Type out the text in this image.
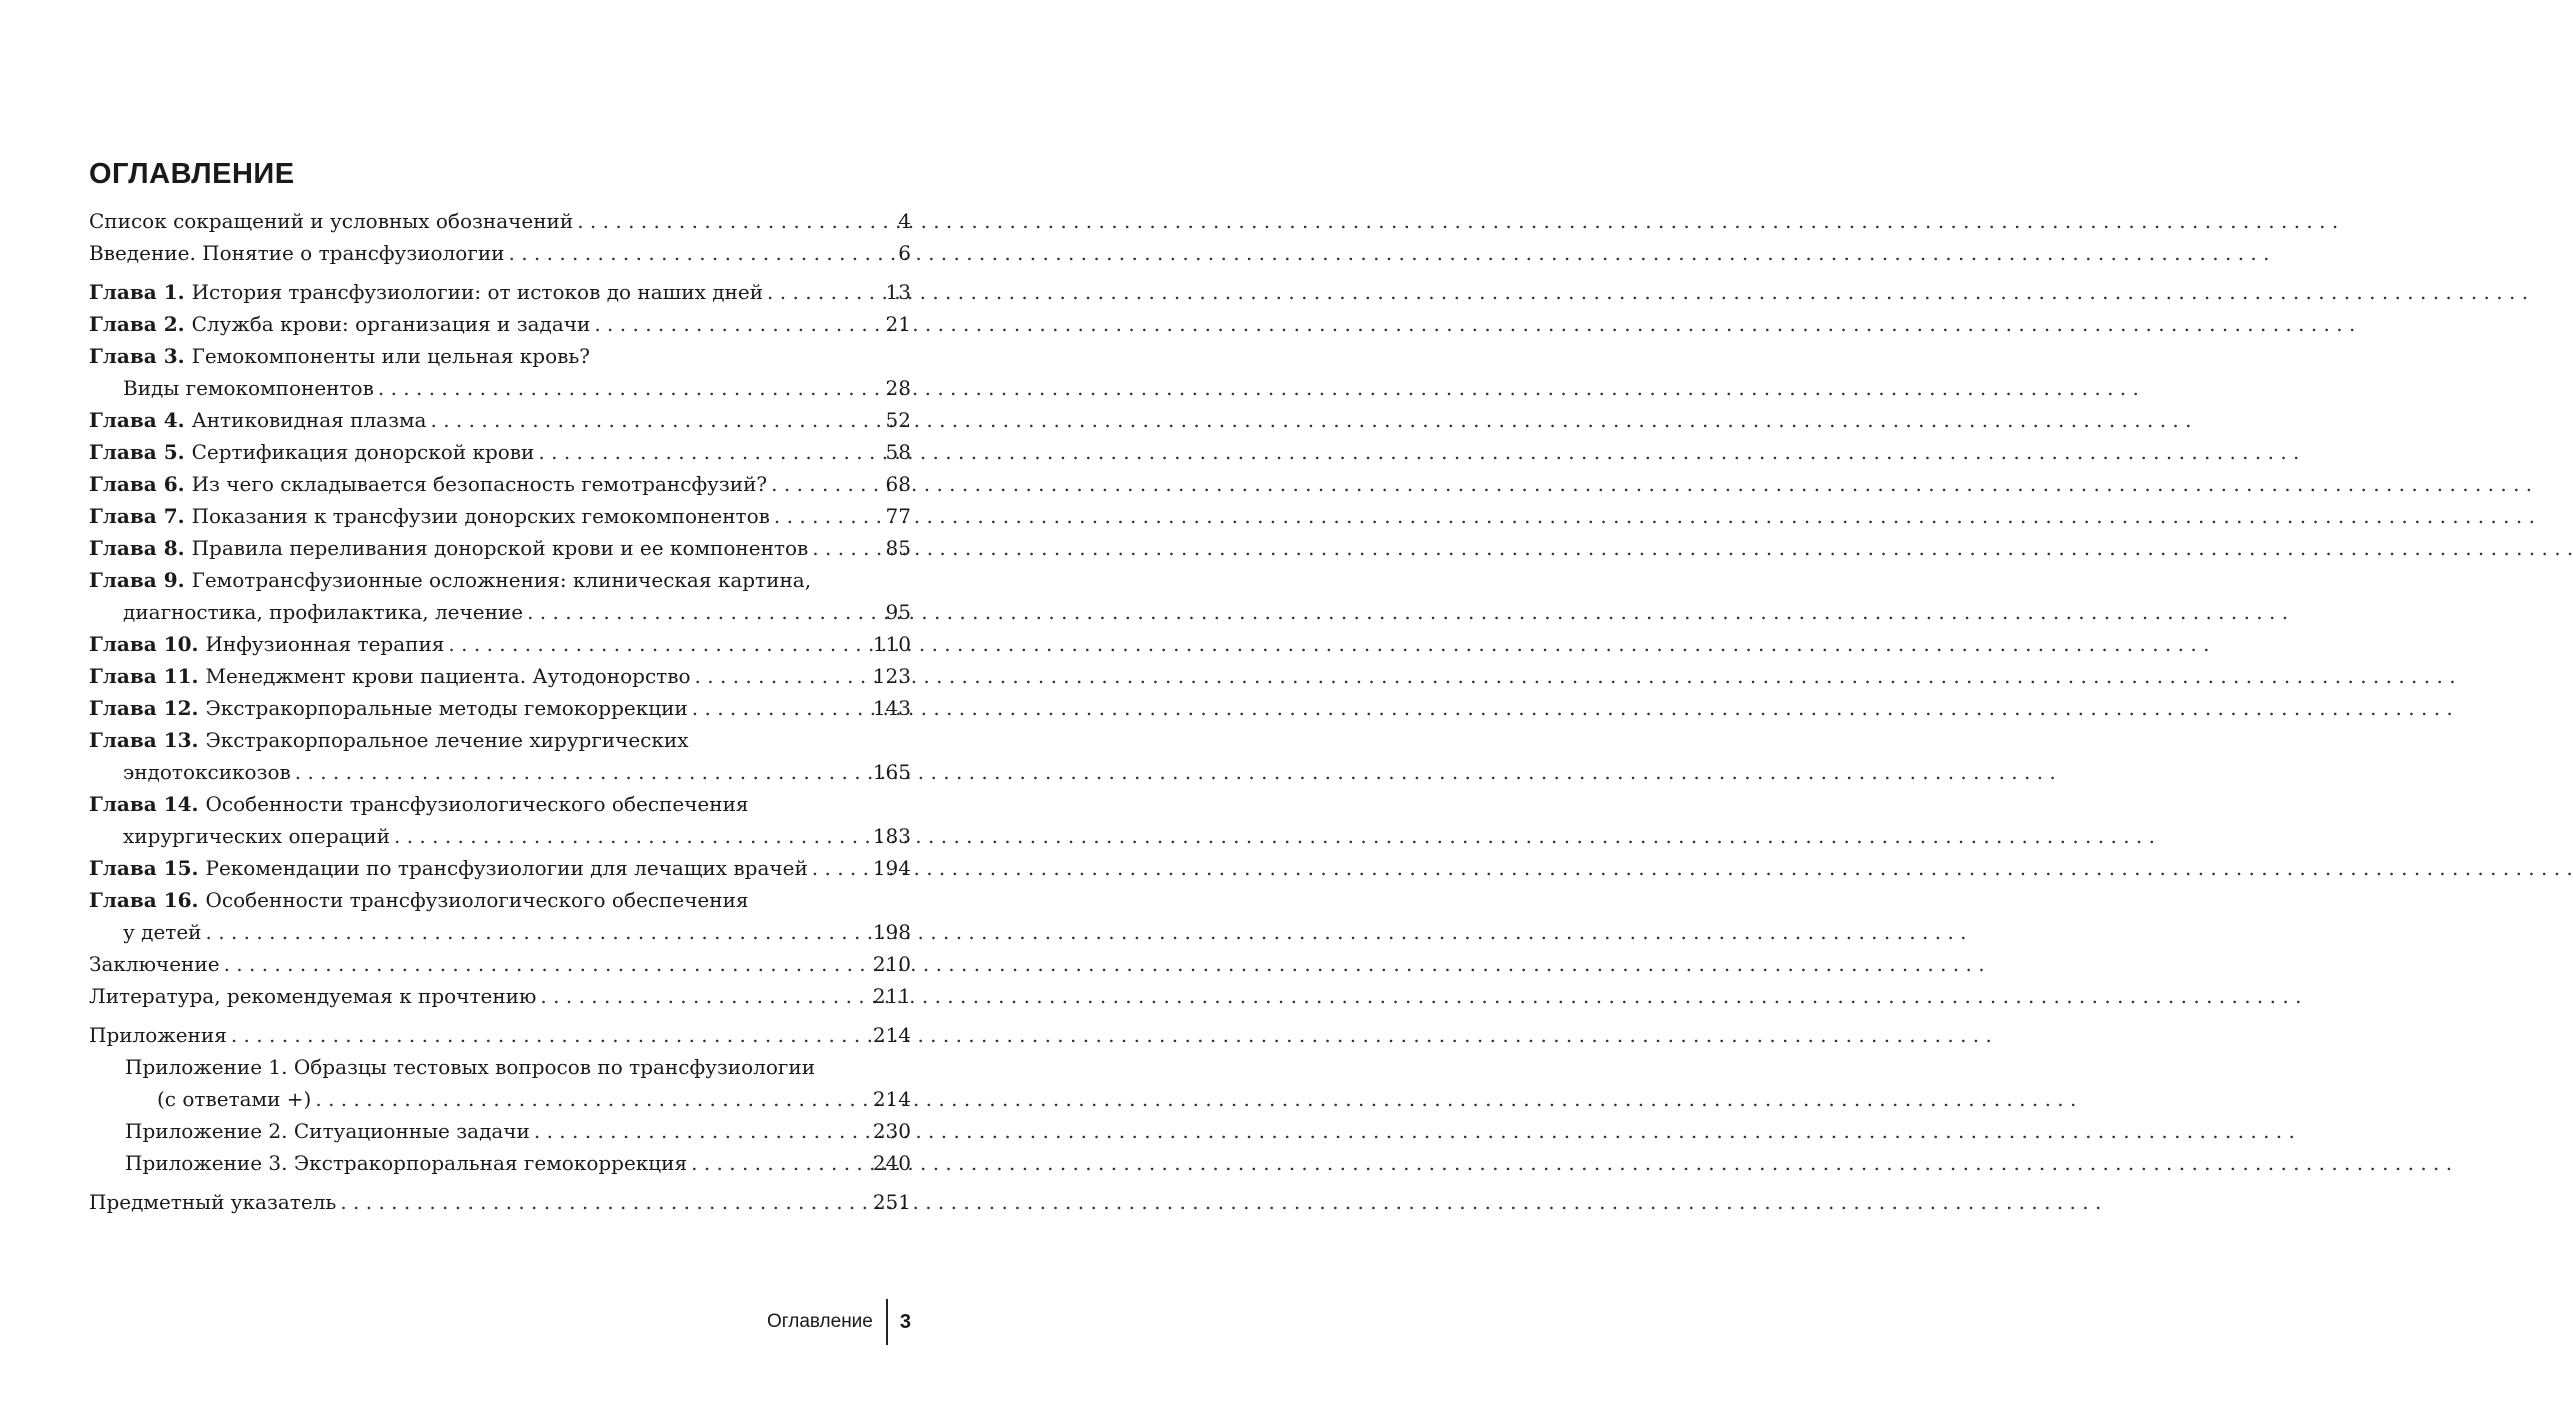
ОГЛАВЛЕНИЕ
Список сокращений и условных обозначений . . .	4
Введение. Понятие о трансфузиологии . . .	6
Глава 1. История трансфузиологии: от истоков до наших дней . . .	13
Глава 2. Служба крови: организация и задачи . . .	21
Глава 3. Гемокомпоненты или цельная кровь?
Виды гемокомпонентов . . .	28
Глава 4. Антиковидная плазма . . .	52
Глава 5. Сертификация донорской крови . . .	58
Глава 6. Из чего складывается безопасность гемотрансфузий? . . .	68
Глава 7. Показания к трансфузии донорских гемокомпонентов . . .	77
Глава 8. Правила переливания донорской крови и ее компонентов . . .	85
Глава 9. Гемотрансфузионные осложнения: клиническая картина,
диагностика, профилактика, лечение . . .	95
Глава 10. Инфузионная терапия . . .	110
Глава 11. Менеджмент крови пациента. Аутодонорство . . .	123
Глава 12. Экстракорпоральные методы гемокоррекции . . .	143
Глава 13. Экстракорпоральное лечение хирургических
эндотоксикозов . . .	165
Глава 14. Особенности трансфузиологического обеспечения
хирургических операций . . .	183
Глава 15. Рекомендации по трансфузиологии для лечащих врачей . . .	194
Глава 16. Особенности трансфузиологического обеспечения
у детей . . .	198
Заключение . . .	210
Литература, рекомендуемая к прочтению . . .	211
Приложения . . .	214
Приложение 1. Образцы тестовых вопросов по трансфузиологии
(с ответами +) . . .	214
Приложение 2. Ситуационные задачи . . .	230
Приложение 3. Экстракорпоральная гемокоррекция . . .	240
Предметный указатель . . .	251
Оглавление 3
